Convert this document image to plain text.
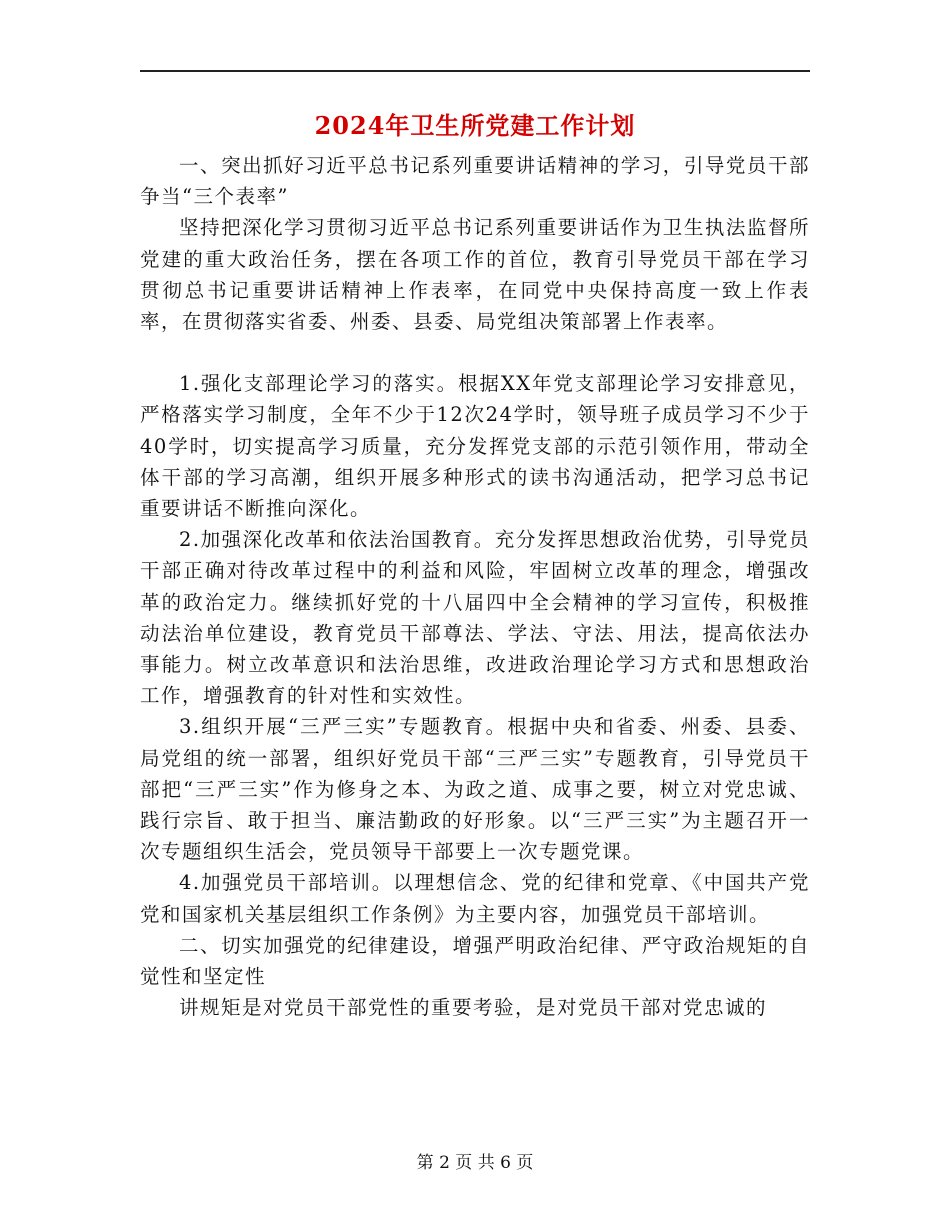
2024年卫生所党建工作计划

一、突出抓好习近平总书记系列重要讲话精神的学习，引导党员干部争当“三个表率”

坚持把深化学习贯彻习近平总书记系列重要讲话作为卫生执法监督所党建的重大政治任务，摆在各项工作的首位，教育引导党员干部在学习贯彻总书记重要讲话精神上作表率，在同党中央保持高度一致上作表率，在贯彻落实省委、州委、县委、局党组决策部署上作表率。

1.强化支部理论学习的落实。根据XX年党支部理论学习安排意见，严格落实学习制度，全年不少于12次24学时，领导班子成员学习不少于40学时，切实提高学习质量，充分发挥党支部的示范引领作用，带动全体干部的学习高潮，组织开展多种形式的读书沟通活动，把学习总书记重要讲话不断推向深化。

2.加强深化改革和依法治国教育。充分发挥思想政治优势，引导党员干部正确对待改革过程中的利益和风险，牢固树立改革的理念，增强改革的政治定力。继续抓好党的十八届四中全会精神的学习宣传，积极推动法治单位建设，教育党员干部尊法、学法、守法、用法，提高依法办事能力。树立改革意识和法治思维，改进政治理论学习方式和思想政治工作，增强教育的针对性和实效性。

3.组织开展“三严三实”专题教育。根据中央和省委、州委、县委、局党组的统一部署，组织好党员干部“三严三实”专题教育，引导党员干部把“三严三实”作为修身之本、为政之道、成事之要，树立对党忠诚、践行宗旨、敢于担当、廉洁勤政的好形象。以“三严三实”为主题召开一次专题组织生活会，党员领导干部要上一次专题党课。

4.加强党员干部培训。以理想信念、党的纪律和党章、《中国共产党党和国家机关基层组织工作条例》为主要内容，加强党员干部培训。

二、切实加强党的纪律建设，增强严明政治纪律、严守政治规矩的自觉性和坚定性

讲规矩是对党员干部党性的重要考验，是对党员干部对党忠诚的

第 2 页 共 6 页
